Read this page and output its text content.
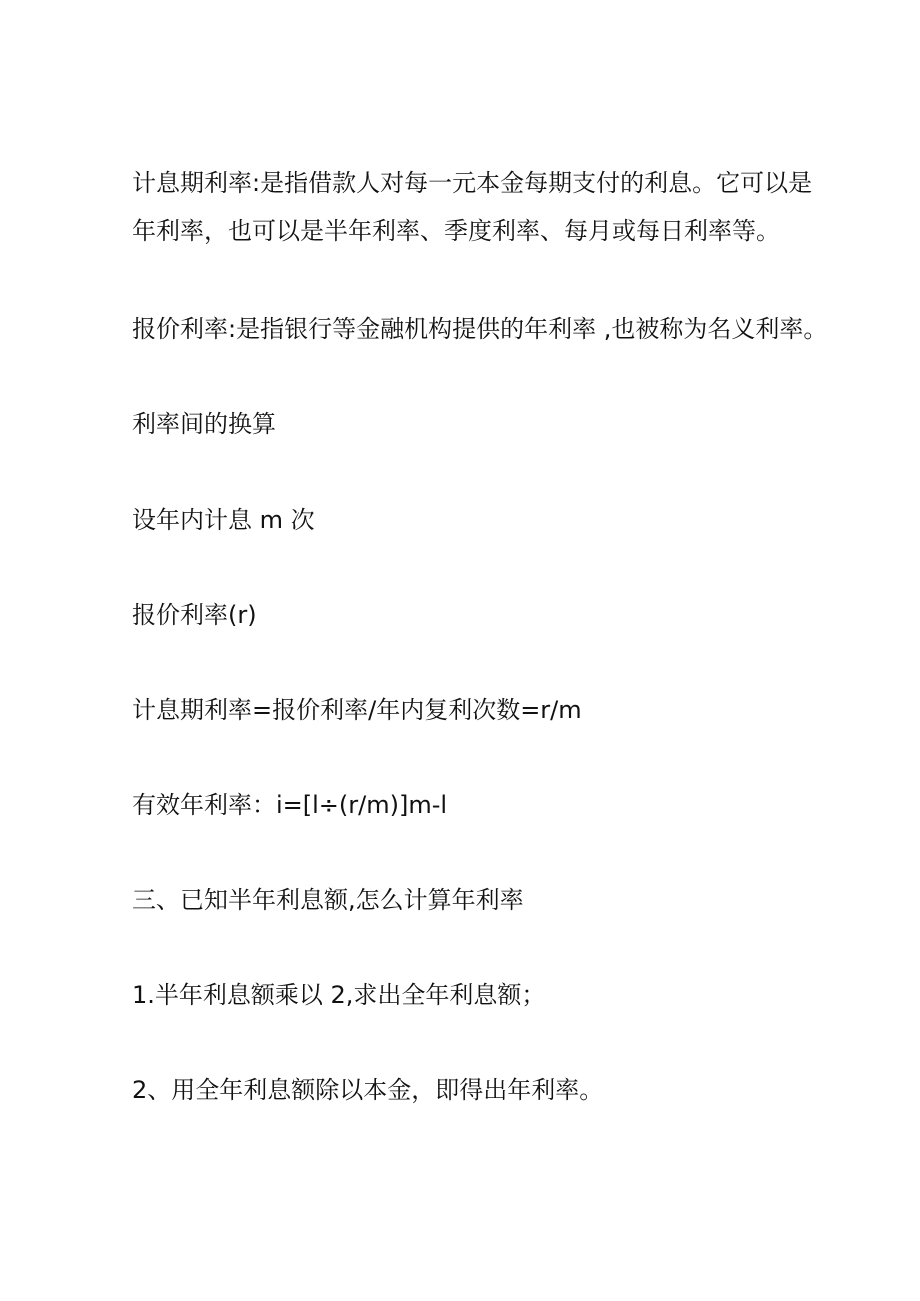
计息期利率:是指借款人对每一元本金每期支付的利息。它可以是
年利率，也可以是半年利率、季度利率、每月或每日利率等。

报价利率:是指银行等金融机构提供的年利率 ,也被称为名义利率。

利率间的换算

设年内计息 m 次

报价利率(r)

计息期利率=报价利率/年内复利次数=r/m

有效年利率：i=[l÷(r/m)]m-l

三、已知半年利息额,怎么计算年利率

1.半年利息额乘以 2,求出全年利息额；

2、用全年利息额除以本金，即得出年利率。
